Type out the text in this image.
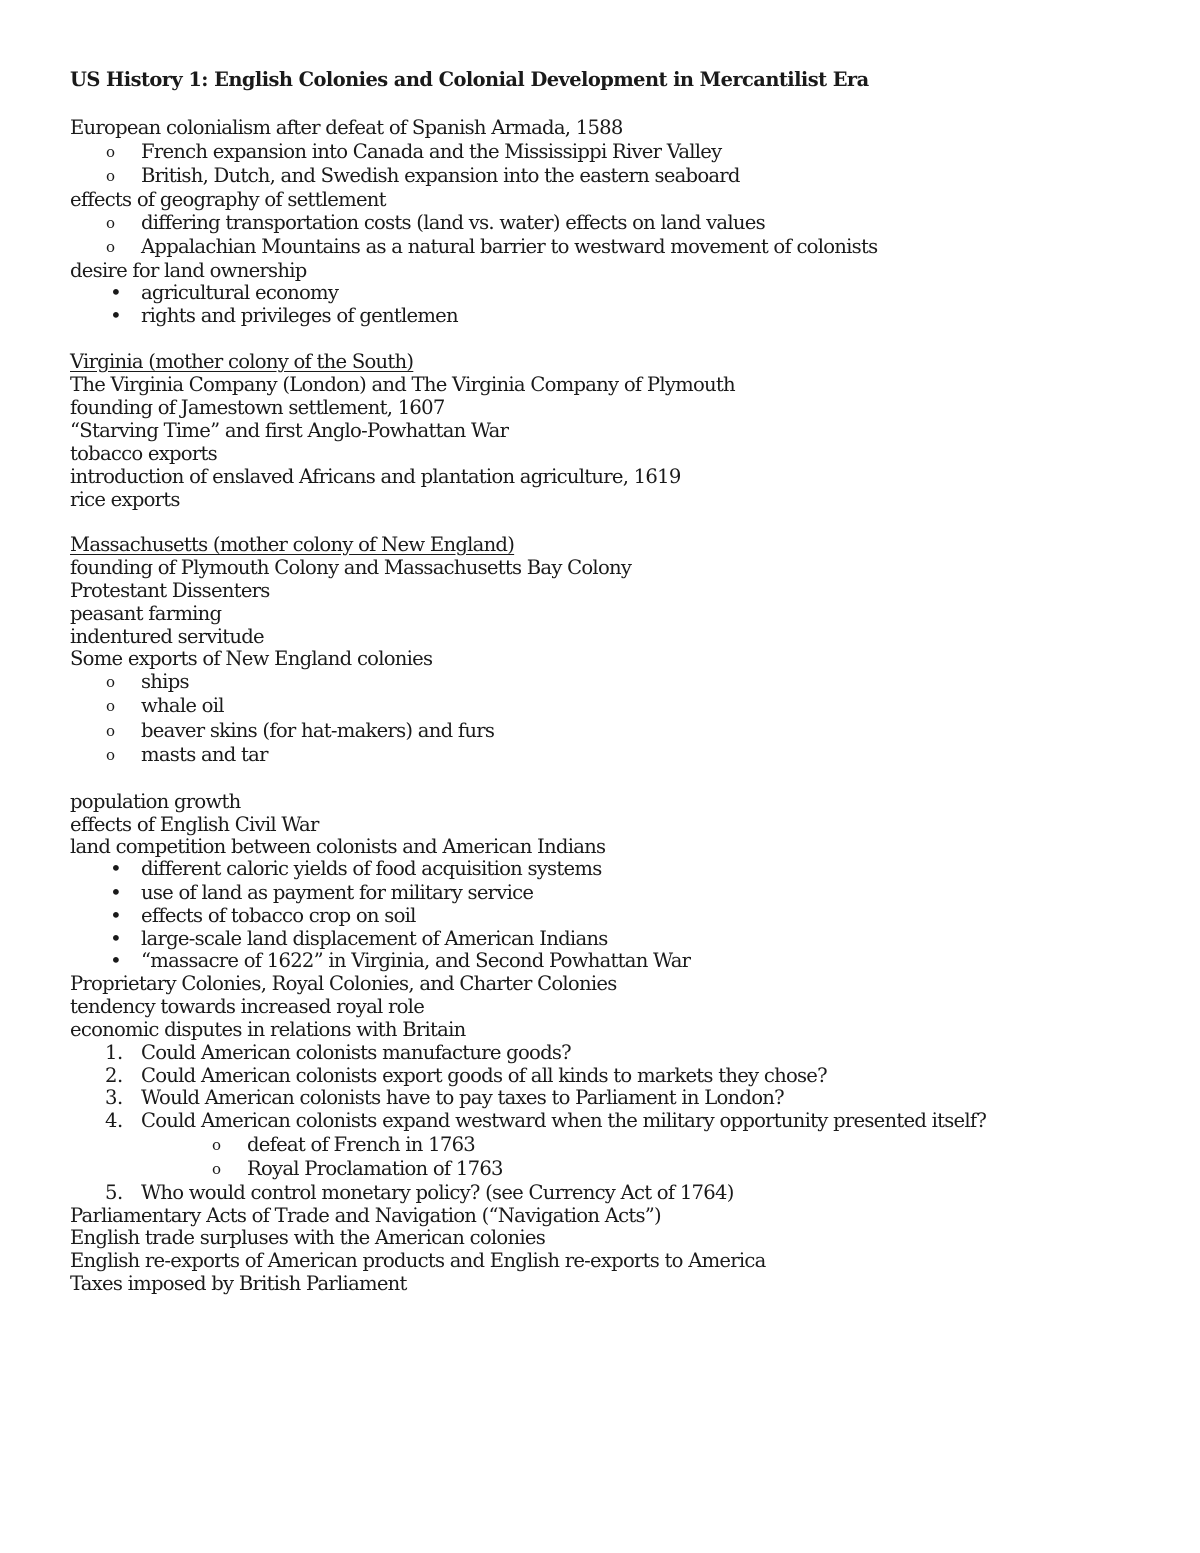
US History 1: English Colonies and Colonial Development in Mercantilist Era
European colonialism after defeat of Spanish Armada, 1588
o French expansion into Canada and the Mississippi River Valley
o British, Dutch, and Swedish expansion into the eastern seaboard
effects of geography of settlement
o differing transportation costs (land vs. water) effects on land values
o Appalachian Mountains as a natural barrier to westward movement of colonists
desire for land ownership
• agricultural economy
• rights and privileges of gentlemen
Virginia (mother colony of the South)
The Virginia Company (London) and The Virginia Company of Plymouth
founding of Jamestown settlement, 1607
“Starving Time” and first Anglo-Powhattan War
tobacco exports
introduction of enslaved Africans and plantation agriculture, 1619
rice exports
Massachusetts (mother colony of New England)
founding of Plymouth Colony and Massachusetts Bay Colony
Protestant Dissenters
peasant farming
indentured servitude
Some exports of New England colonies
o ships
o whale oil
o beaver skins (for hat-makers) and furs
o masts and tar
population growth
effects of English Civil War
land competition between colonists and American Indians
• different caloric yields of food acquisition systems
• use of land as payment for military service
• effects of tobacco crop on soil
• large-scale land displacement of American Indians
• “massacre of 1622” in Virginia, and Second Powhattan War
Proprietary Colonies, Royal Colonies, and Charter Colonies
tendency towards increased royal role
economic disputes in relations with Britain
1. Could American colonists manufacture goods?
2. Could American colonists export goods of all kinds to markets they chose?
3. Would American colonists have to pay taxes to Parliament in London?
4. Could American colonists expand westward when the military opportunity presented itself?
o defeat of French in 1763
o Royal Proclamation of 1763
5. Who would control monetary policy? (see Currency Act of 1764)
Parliamentary Acts of Trade and Navigation (“Navigation Acts”)
English trade surpluses with the American colonies
English re-exports of American products and English re-exports to America
Taxes imposed by British Parliament
